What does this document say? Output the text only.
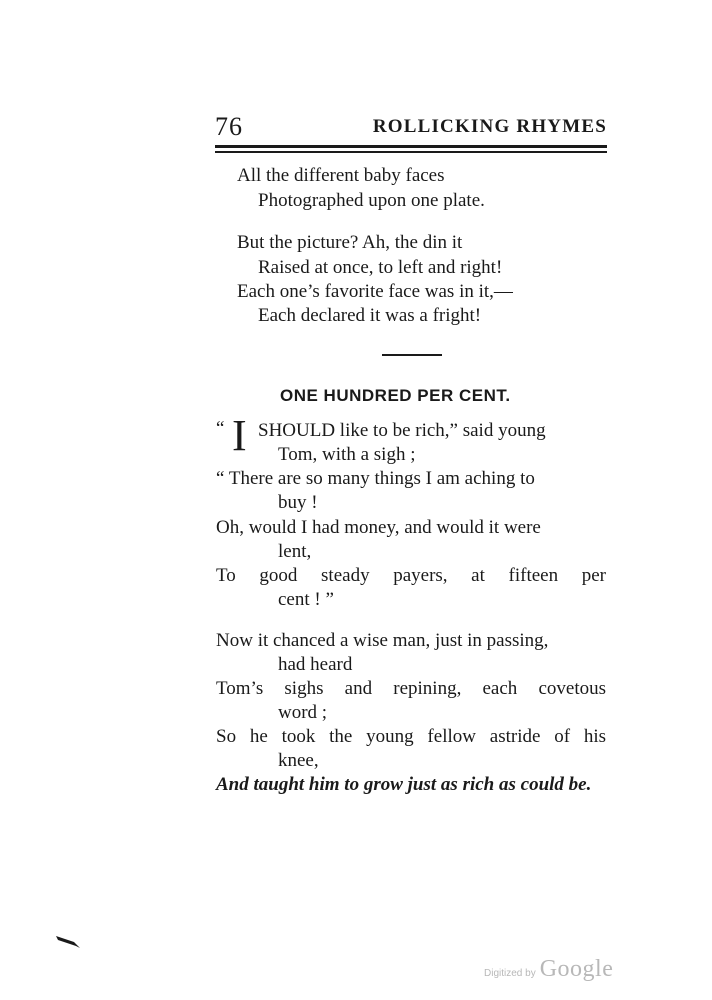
76	ROLLICKING RHYMES
All the different baby faces
Photographed upon one plate.
But the picture? Ah, the din it
Raised at once, to left and right!
Each one’s favorite face was in it,—
Each declared it was a fright!
ONE HUNDRED PER CENT.
“ I SHOULD like to be rich,” said young
Tom, with a sigh ;
“ There are so many things I am aching to
buy !
Oh, would I had money, and would it were
lent,
To good steady payers, at fifteen per
cent ! ”
Now it chanced a wise man, just in passing,
had heard
Tom’s sighs and repining, each covetous
word ;
So he took the young fellow astride of his
knee,
And taught him to grow just as rich as could be.
Digitized by Google
